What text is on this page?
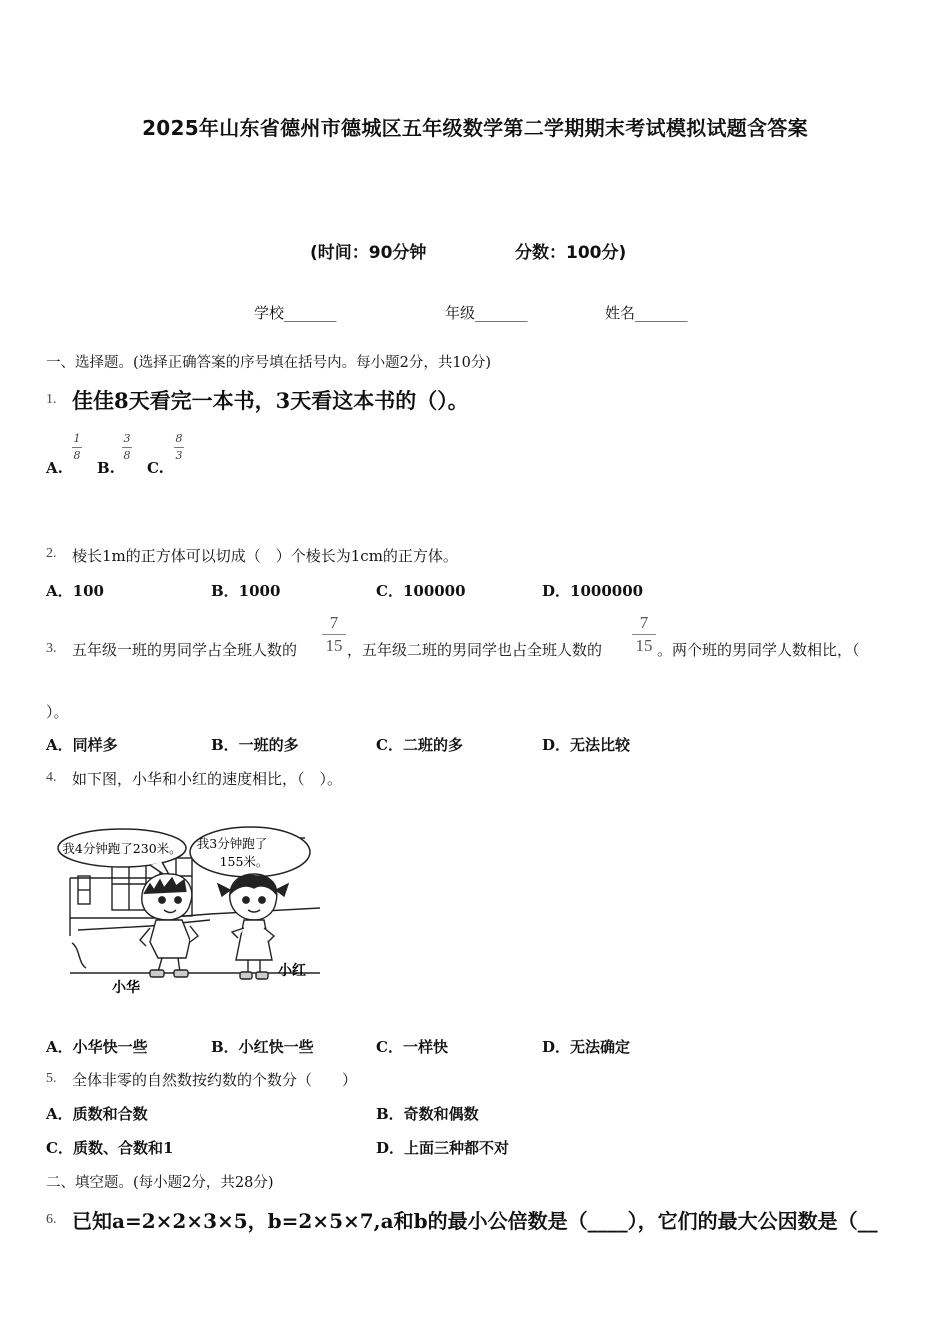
2025年山东省德州市德城区五年级数学第二学期期末考试模拟试题含答案
(时间：90分钟	分数：100分)
学校_______	年级_______	姓名_______
一、选择题。(选择正确答案的序号填在括号内。每小题2分，共10分)
1. 佳佳8天看完一本书，3天看这本书的（）。
A.
1
8
B.
3
8
C.
8
3
2. 棱长1m的正方体可以切成（　）个棱长为1cm的正方体。
A．100	B．1000	C．100000	D．1000000
3. 五年级一班的男同学占全班人数的
7
15 ，五年级二班的男同学也占全班人数的
7
15 。两个班的男同学人数相比，（
）。
A．同样多	B．一班的多	C．二班的多	D．无法比较
4. 如下图，小华和小红的速度相比，（　）。
我4分钟跑了230米。 我3分钟跑了
155米。
小华
小红
A．小华快一些	B．小红快一些	C．一样快	D．无法确定
5. 全体非零的自然数按约数的个数分（　　）
A．质数和合数	B．奇数和偶数
C．质数、合数和1	D．上面三种都不对
二、填空题。(每小题2分，共28分)
6. 已知a=2×2×3×5，b=2×5×7,a和b的最小公倍数是（____），它们的最大公因数是（__
